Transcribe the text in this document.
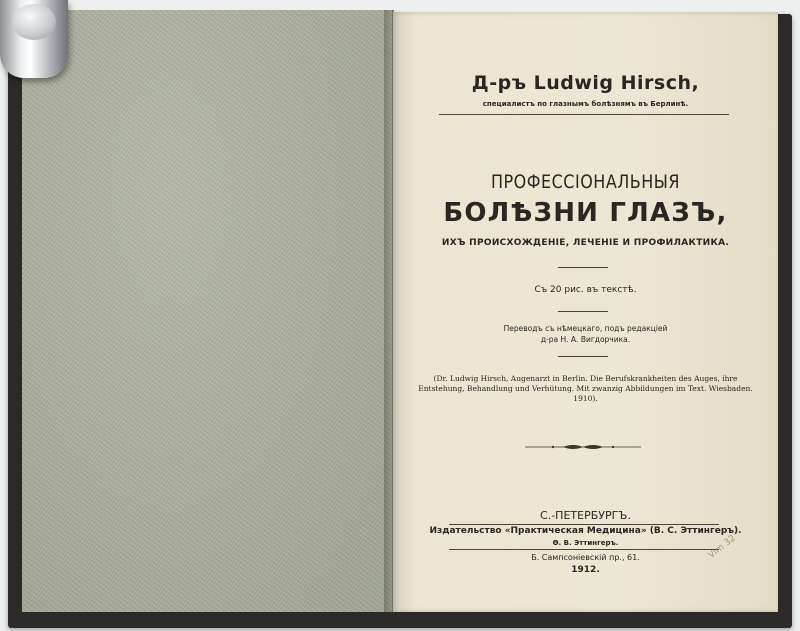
Д-ръ Ludwig Hirsch,
специалистъ по глазнымъ болѣзнямъ въ Берлинѣ.
ПРОФЕССІОНАЛЬНЫЯ
БОЛѢЗНИ ГЛАЗЪ,
ИХЪ ПРОИСХОЖДЕНІЕ, ЛЕЧЕНІЕ И ПРОФИЛАКТИКА.
Съ 20 рис. въ текстѣ.
Переводъ съ нѣмецкаго, подъ редакціей
д-ра Н. А. Вигдорчика.
(Dr. Ludwig Hirsch, Augenarzt in Berlin. Die Berufskrankheiten des Auges, ihre Entstehung, Behandlung und Verhütung. Mit zwanzig Abbildungen im Text. Wiesbaden. 1910).
С.-ПЕТЕРБУРГЪ.
Издательство «Практическая Медицина» (В. С. Эттингеръ).
Ѳ. В. Эттингеръ.
Б. Сампсоніевскій пр., 61.
1912.
Vim 32
